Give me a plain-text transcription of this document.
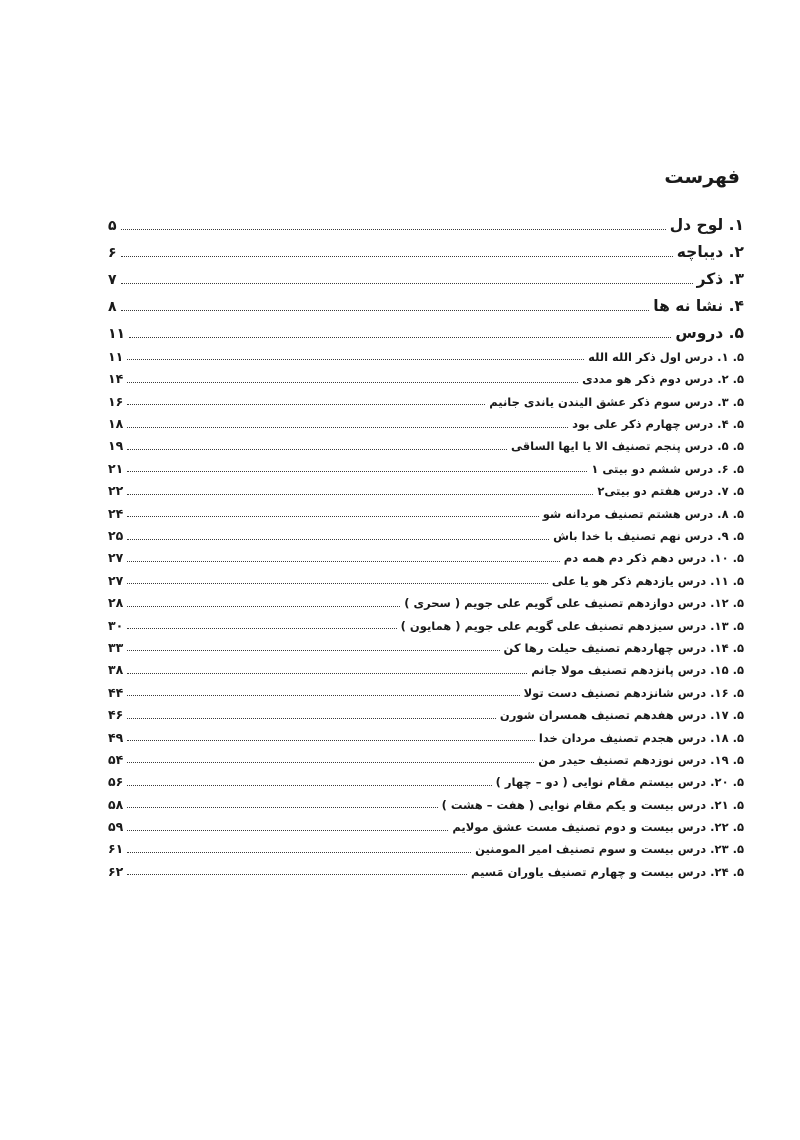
فهرست
۱. لوح دل
۵
۲. دیباچه
۶
۳. ذکر
۷
۴. نشا نه ها
۸
۵. دروس
۱۱
۵. ۱. درس اول ذکر الله الله
۱۱
۵. ۲. درس دوم ذکر هو مددی
۱۴
۵. ۳. درس سوم ذکر عشق الیندن یاندی جانیم
۱۶
۵. ۴. درس چهارم ذکر علی بود
۱۸
۵. ۵. درس پنجم تصنیف الا یا ایها الساقی
۱۹
۵. ۶. درس ششم دو بیتی ۱
۲۱
۵. ۷. درس هفتم دو بیتی۲
۲۲
۵. ۸. درس هشتم تصنیف مردانه شو
۲۴
۵. ۹. درس نهم تصنیف با خدا باش
۲۵
۵. ۱۰. درس دهم ذکر دم همه دم
۲۷
۵. ۱۱. درس یازدهم ذکر هو یا علی
۲۷
۵. ۱۲. درس دوازدهم تصنیف علی گویم علی جویم ( سحری )
۲۸
۵. ۱۳. درس سیزدهم تصنیف علی گویم علی جویم ( همایون )
۳۰
۵. ۱۴. درس چهاردهم تصنیف حیلت رها کن
۳۳
۵. ۱۵. درس پانزدهم تصنیف مولا جانم
۳۸
۵. ۱۶. درس شانزدهم تصنیف دست تولا
۴۴
۵. ۱۷. درس هفدهم تصنیف همسران شورن
۴۶
۵. ۱۸. درس هجدم تصنیف مردان خدا
۴۹
۵. ۱۹. درس نوزدهم تصنیف حیدر من
۵۴
۵. ۲۰. درس بیستم مقام نوایی ( دو – چهار )
۵۶
۵. ۲۱. درس بیست و یکم مقام نوایی ( هفت – هشت )
۵۸
۵. ۲۲. درس بیست و دوم تصنیف مست عشق مولایم
۵۹
۵. ۲۳. درس بیست و سوم تصنیف امیر المومنین
۶۱
۵. ۲۴. درس بیست و چهارم تصنیف یاوران مَسیم
۶۲
